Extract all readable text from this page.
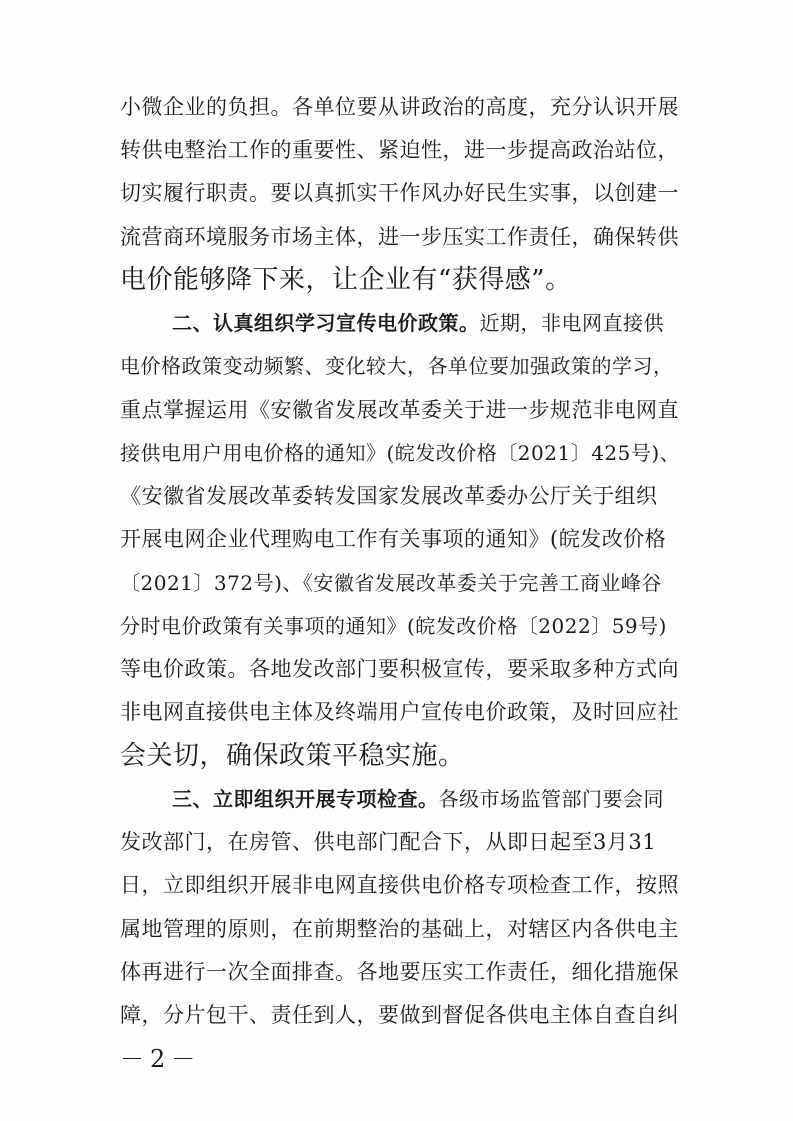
小微企业的负担。各单位要从讲政治的高度，充分认识开展
转供电整治工作的重要性、紧迫性，进一步提高政治站位，
切实履行职责。要以真抓实干作风办好民生实事，以创建一
流营商环境服务市场主体，进一步压实工作责任，确保转供
电价能够降下来，让企业有“获得感”。
二、认真组织学习宣传电价政策。近期，非电网直接供
电价格政策变动频繁、变化较大，各单位要加强政策的学习，
重点掌握运用《安徽省发展改革委关于进一步规范非电网直
接供电用户用电价格的通知》(皖发改价格〔2021〕425号)、
《安徽省发展改革委转发国家发展改革委办公厅关于组织
开展电网企业代理购电工作有关事项的通知》(皖发改价格
〔2021〕372号)、《安徽省发展改革委关于完善工商业峰谷
分时电价政策有关事项的通知》(皖发改价格〔2022〕59号)
等电价政策。各地发改部门要积极宣传，要采取多种方式向
非电网直接供电主体及终端用户宣传电价政策，及时回应社
会关切，确保政策平稳实施。
三、立即组织开展专项检查。各级市场监管部门要会同
发改部门，在房管、供电部门配合下，从即日起至3月31
日，立即组织开展非电网直接供电价格专项检查工作，按照
属地管理的原则，在前期整治的基础上，对辖区内各供电主
体再进行一次全面排查。各地要压实工作责任，细化措施保
障，分片包干、责任到人，要做到督促各供电主体自查自纠
－2－
